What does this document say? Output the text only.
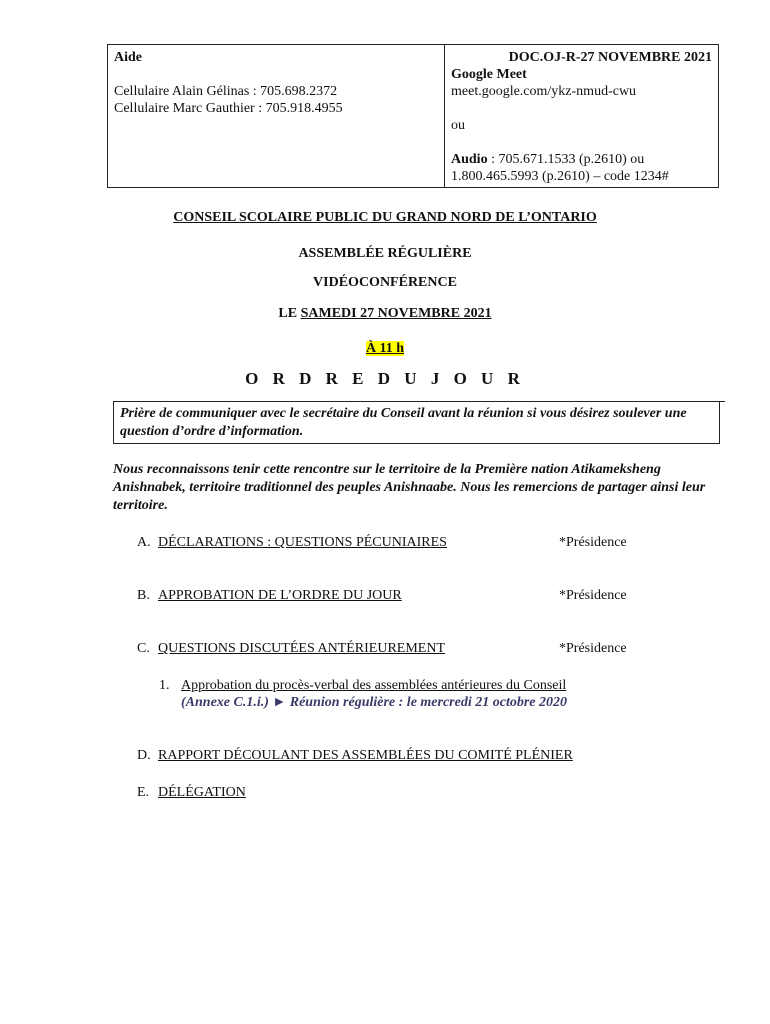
Aide
Cellulaire Alain Gélinas : 705.698.2372
Cellulaire Marc Gauthier : 705.918.4955
DOC.OJ-R-27 NOVEMBRE 2021
Google Meet
meet.google.com/ykz-nmud-cwu
ou
Audio : 705.671.1533 (p.2610) ou
1.800.465.5993 (p.2610) – code 1234#
CONSEIL SCOLAIRE PUBLIC DU GRAND NORD DE L’ONTARIO
ASSEMBLÉE RÉGULIÈRE
VIDÉOCONFÉRENCE
LE SAMEDI 27 NOVEMBRE 2021
À 11 h
O R D R E D U J O U R
Prière de communiquer avec le secrétaire du Conseil avant la réunion si vous désirez soulever une question d’ordre d’information.
Nous reconnaissons tenir cette rencontre sur le territoire de la Première nation Atikameksheng Anishnabek, territoire traditionnel des peuples Anishnaabe. Nous les remercions de partager ainsi leur territoire.
A. DÉCLARATIONS : QUESTIONS PÉCUNIAIRES	*Présidence
B. APPROBATION DE L’ORDRE DU JOUR	*Présidence
C. QUESTIONS DISCUTÉES ANTÉRIEUREMENT	*Présidence
1. Approbation du procès-verbal des assemblées antérieures du Conseil
(Annexe C.1.i.) ► Réunion régulière : le mercredi 21 octobre 2020
D. RAPPORT DÉCOULANT DES ASSEMBLÉES DU COMITÉ PLÉNIER
E. DÉLÉGATION
